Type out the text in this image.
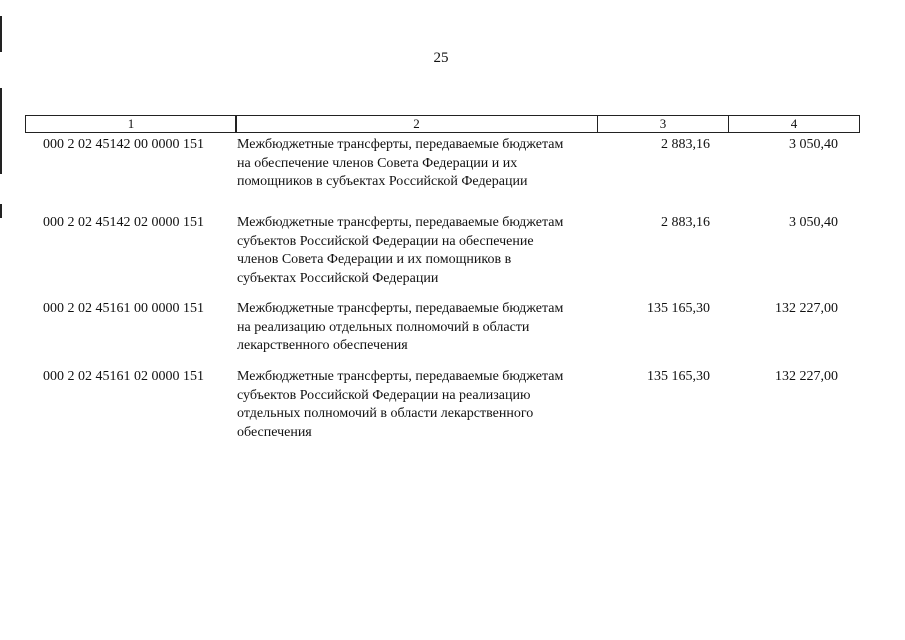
25
1	2	3	4
000 2 02 45142 00 0000 151 Межбюджетные трансферты, передаваемые бюджетам
на обеспечение членов Совета Федерации и их
помощников в субъектах Российской Федерации
2 883,16	3 050,40
000 2 02 45142 02 0000 151 Межбюджетные трансферты, передаваемые бюджетам
субъектов Российской Федерации на обеспечение
членов Совета Федерации и их помощников в
субъектах Российской Федерации
2 883,16	3 050,40
000 2 02 45161 00 0000 151 Межбюджетные трансферты, передаваемые бюджетам
на реализацию отдельных полномочий в области
лекарственного обеспечения
135 165,30	132 227,00
000 2 02 45161 02 0000 151 Межбюджетные трансферты, передаваемые бюджетам
субъектов Российской Федерации на реализацию
отдельных полномочий в области лекарственного
обеспечения
135 165,30	132 227,00
